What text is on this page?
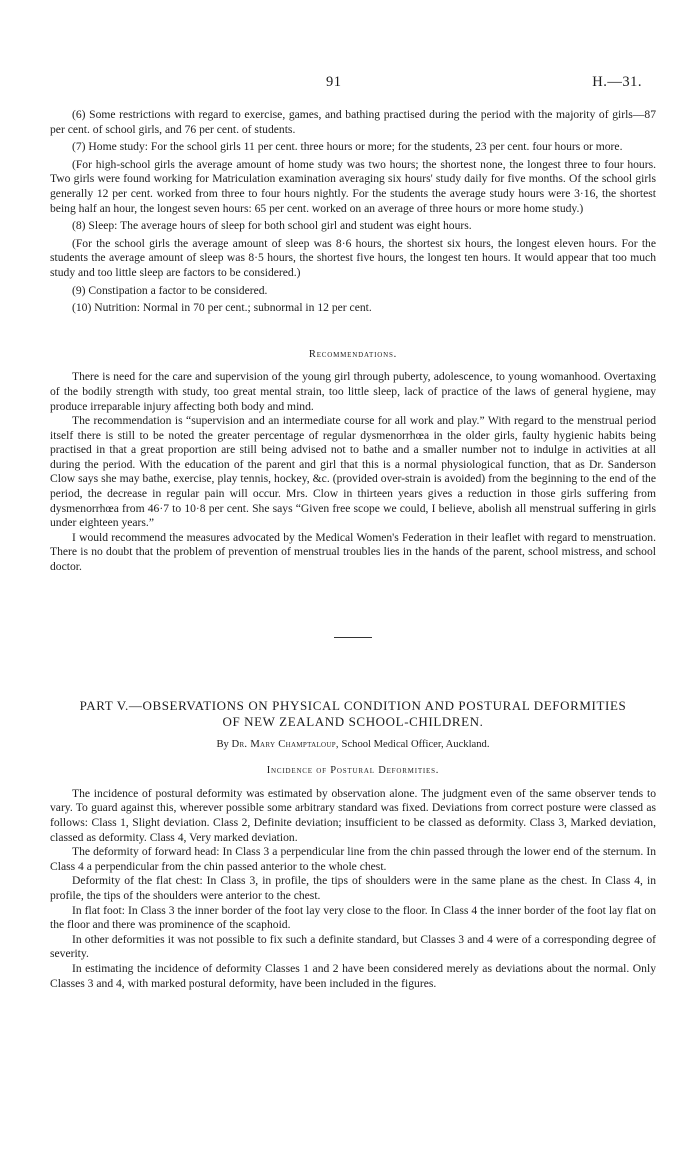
91	H.—31.

(6) Some restrictions with regard to exercise, games, and bathing practised during the period with the majority of girls—87 per cent. of school girls, and 76 per cent. of students.

(7) Home study: For the school girls 11 per cent. three hours or more; for the students, 23 per cent. four hours or more.

(For high-school girls the average amount of home study was two hours; the shortest none, the longest three to four hours. Two girls were found working for Matriculation examination averaging six hours' study daily for five months. Of the school girls generally 12 per cent. worked from three to four hours nightly. For the students the average study hours were 3·16, the shortest being half an hour, the longest seven hours: 65 per cent. worked on an average of three hours or more home study.)

(8) Sleep: The average hours of sleep for both school girl and student was eight hours.

(For the school girls the average amount of sleep was 8·6 hours, the shortest six hours, the longest eleven hours. For the students the average amount of sleep was 8·5 hours, the shortest five hours, the longest ten hours. It would appear that too much study and too little sleep are factors to be considered.)

(9) Constipation a factor to be considered.

(10) Nutrition: Normal in 70 per cent.; subnormal in 12 per cent.

Recommendations.

There is need for the care and supervision of the young girl through puberty, adolescence, to young womanhood. Overtaxing of the bodily strength with study, too great mental strain, too little sleep, lack of practice of the laws of general hygiene, may produce irreparable injury affecting both body and mind.

The recommendation is “supervision and an intermediate course for all work and play.” With regard to the menstrual period itself there is still to be noted the greater percentage of regular dysmenorrhœa in the older girls, faulty hygienic habits being practised in that a great proportion are still being advised not to bathe and a smaller number not to indulge in activities at all during the period. With the education of the parent and girl that this is a normal physiological function, that as Dr. Sanderson Clow says she may bathe, exercise, play tennis, hockey, &c. (provided over-strain is avoided) from the beginning to the end of the period, the decrease in regular pain will occur. Mrs. Clow in thirteen years gives a reduction in those girls suffering from dysmenorrhœa from 46·7 to 10·8 per cent. She says “Given free scope we could, I believe, abolish all menstrual suffering in girls under eighteen years.”

I would recommend the measures advocated by the Medical Women's Federation in their leaflet with regard to menstruation. There is no doubt that the problem of prevention of menstrual troubles lies in the hands of the parent, school mistress, and school doctor.

PART V.—OBSERVATIONS ON PHYSICAL CONDITION AND POSTURAL DEFORMITIES
OF NEW ZEALAND SCHOOL-CHILDREN.
By Dr. Mary Champtaloup, School Medical Officer, Auckland.
Incidence of Postural Deformities.

The incidence of postural deformity was estimated by observation alone. The judgment even of the same observer tends to vary. To guard against this, wherever possible some arbitrary standard was fixed. Deviations from correct posture were classed as follows: Class 1, Slight deviation. Class 2, Definite deviation; insufficient to be classed as deformity. Class 3, Marked deviation, classed as deformity. Class 4, Very marked deviation.

The deformity of forward head: In Class 3 a perpendicular line from the chin passed through the lower end of the sternum. In Class 4 a perpendicular from the chin passed anterior to the whole chest.

Deformity of the flat chest: In Class 3, in profile, the tips of shoulders were in the same plane as the chest. In Class 4, in profile, the tips of the shoulders were anterior to the chest.

In flat foot: In Class 3 the inner border of the foot lay very close to the floor. In Class 4 the inner border of the foot lay flat on the floor and there was prominence of the scaphoid.

In other deformities it was not possible to fix such a definite standard, but Classes 3 and 4 were of a corresponding degree of severity.

In estimating the incidence of deformity Classes 1 and 2 have been considered merely as deviations about the normal. Only Classes 3 and 4, with marked postural deformity, have been included in the figures.
